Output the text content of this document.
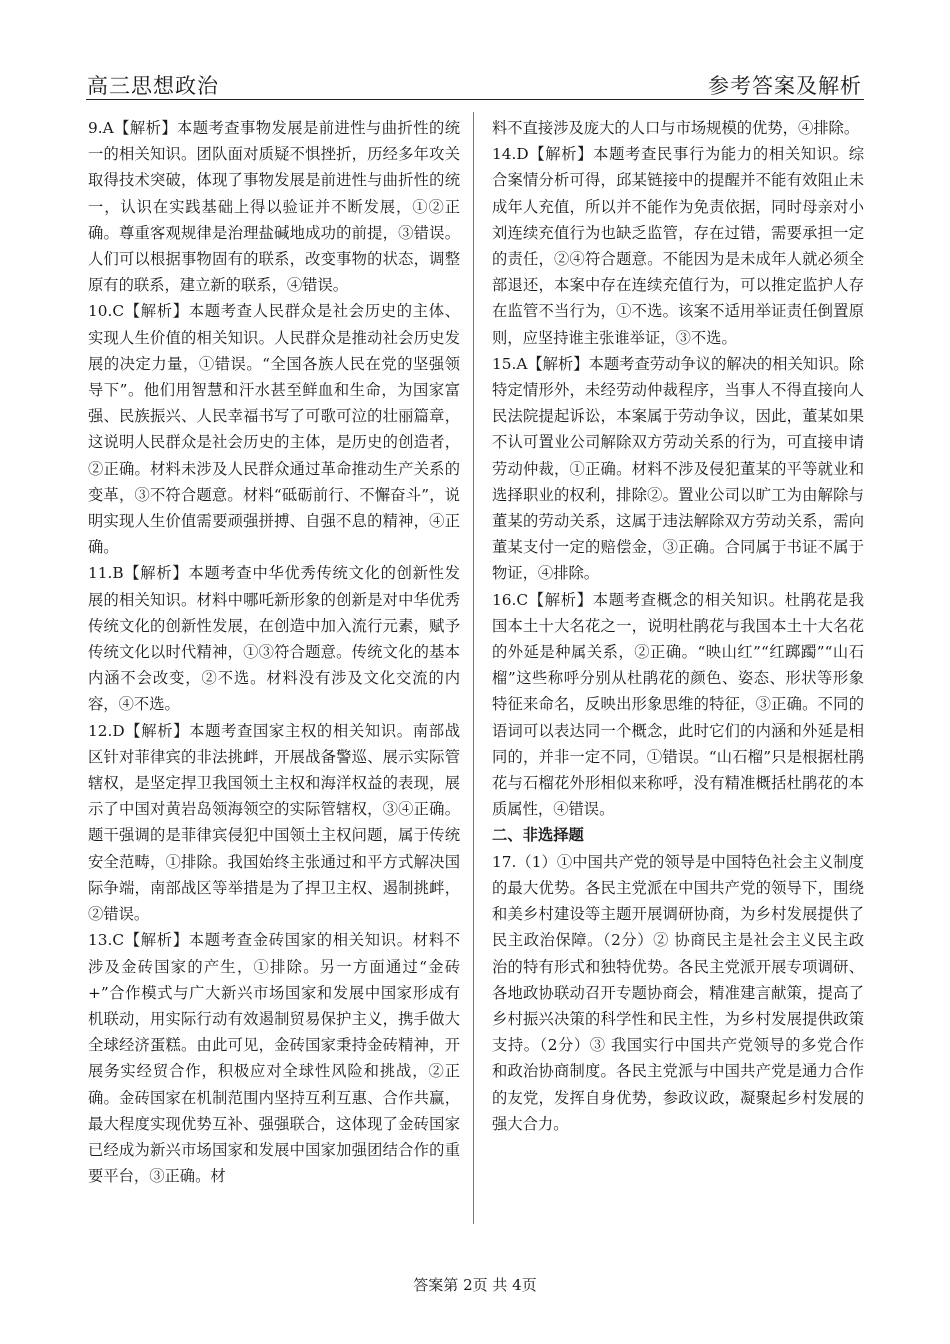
高三思想政治	参考答案及解析

9.A【解析】本题考查事物发展是前进性与曲折性的统一的相关知识。团队面对质疑不惧挫折，历经多年攻关取得技术突破，体现了事物发展是前进性与曲折性的统一，认识在实践基础上得以验证并不断发展，①②正确。尊重客观规律是治理盐碱地成功的前提，③错误。人们可以根据事物固有的联系，改变事物的状态，调整原有的联系，建立新的联系，④错误。

10.C【解析】本题考查人民群众是社会历史的主体、实现人生价值的相关知识。人民群众是推动社会历史发展的决定力量，①错误。“全国各族人民在党的坚强领导下”。他们用智慧和汗水甚至鲜血和生命，为国家富强、民族振兴、人民幸福书写了可歌可泣的壮丽篇章，这说明人民群众是社会历史的主体，是历史的创造者，②正确。材料未涉及人民群众通过革命推动生产关系的变革，③不符合题意。材料“砥砺前行、不懈奋斗”，说明实现人生价值需要顽强拼搏、自强不息的精神，④正确。

11.B【解析】本题考查中华优秀传统文化的创新性发展的相关知识。材料中哪吒新形象的创新是对中华优秀传统文化的创新性发展，在创造中加入流行元素，赋予传统文化以时代精神，①③符合题意。传统文化的基本内涵不会改变，②不选。材料没有涉及文化交流的内容，④不选。

12.D【解析】本题考查国家主权的相关知识。南部战区针对菲律宾的非法挑衅，开展战备警巡、展示实际管辖权，是坚定捍卫我国领土主权和海洋权益的表现，展示了中国对黄岩岛领海领空的实际管辖权，③④正确。题干强调的是菲律宾侵犯中国领土主权问题，属于传统安全范畴，①排除。我国始终主张通过和平方式解决国际争端，南部战区等举措是为了捍卫主权、遏制挑衅，②错误。

13.C【解析】本题考查金砖国家的相关知识。材料不涉及金砖国家的产生，①排除。另一方面通过“金砖+”合作模式与广大新兴市场国家和发展中国家形成有机联动，用实际行动有效遏制贸易保护主义，携手做大全球经济蛋糕。由此可见，金砖国家秉持金砖精神，开展务实经贸合作，积极应对全球性风险和挑战，②正确。金砖国家在机制范围内坚持互利互惠、合作共赢，最大程度实现优势互补、强强联合，这体现了金砖国家已经成为新兴市场国家和发展中国家加强团结合作的重要平台，③正确。材

料不直接涉及庞大的人口与市场规模的优势，④排除。

14.D【解析】本题考查民事行为能力的相关知识。综合案情分析可得，邱某链接中的提醒并不能有效阻止未成年人充值，所以并不能作为免责依据，同时母亲对小刘连续充值行为也缺乏监管，存在过错，需要承担一定的责任，②④符合题意。不能因为是未成年人就必须全部退还，本案中存在连续充值行为，可以推定监护人存在监管不当行为，①不选。该案不适用举证责任倒置原则，应坚持谁主张谁举证，③不选。

15.A【解析】本题考查劳动争议的解决的相关知识。除特定情形外，未经劳动仲裁程序，当事人不得直接向人民法院提起诉讼，本案属于劳动争议，因此，董某如果不认可置业公司解除双方劳动关系的行为，可直接申请劳动仲裁，①正确。材料不涉及侵犯董某的平等就业和选择职业的权利，排除②。置业公司以旷工为由解除与董某的劳动关系，这属于违法解除双方劳动关系，需向董某支付一定的赔偿金，③正确。合同属于书证不属于物证，④排除。

16.C【解析】本题考查概念的相关知识。杜鹃花是我国本土十大名花之一，说明杜鹃花与我国本土十大名花的外延是种属关系，②正确。“映山红”“红踯躅”“山石榴”这些称呼分别从杜鹃花的颜色、姿态、形状等形象特征来命名，反映出形象思维的特征，③正确。不同的语词可以表达同一个概念，此时它们的内涵和外延是相同的，并非一定不同，①错误。“山石榴”只是根据杜鹃花与石榴花外形相似来称呼，没有精准概括杜鹃花的本质属性，④错误。

二、非选择题

17.（1）①中国共产党的领导是中国特色社会主义制度的最大优势。各民主党派在中国共产党的领导下，围绕和美乡村建设等主题开展调研协商，为乡村发展提供了民主政治保障。（2分）② 协商民主是社会主义民主政治的特有形式和独特优势。各民主党派开展专项调研、各地政协联动召开专题协商会，精准建言献策，提高了乡村振兴决策的科学性和民主性，为乡村发展提供政策支持。（2分）③ 我国实行中国共产党领导的多党合作和政治协商制度。各民主党派与中国共产党是通力合作的友党，发挥自身优势，参政议政，凝聚起乡村发展的强大合力。

答案第 2页 共 4页
